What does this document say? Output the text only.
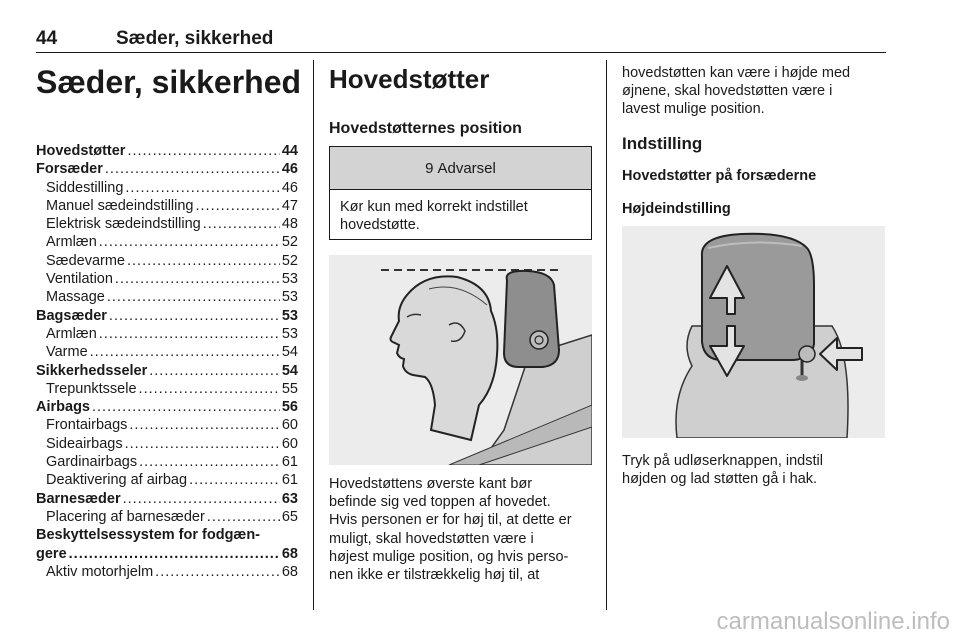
44	Sæder, sikkerhed
Sæder, sikkerhed
Hovedstøtter .....	44
Forsæder .....	46
Siddestilling .....	46
Manuel sædeindstilling .....	47
Elektrisk sædeindstilling .....	48
Armlæn .....	52
Sædevarme .....	52
Ventilation .....	53
Massage .....	53
Bagsæder .....	53
Armlæn .....	53
Varme .....	54
Sikkerhedsseler .....	54
Trepunktssele .....	55
Airbags .....	56
Frontairbags .....	60
Sideairbags .....	60
Gardinairbags .....	61
Deaktivering af airbag .....	61
Barnesæder .....	63
Placering af barnesæder .....	65
Beskyttelsessystem for fodgæn-
gere .....	68
Aktiv motorhjelm .....	68
Hovedstøtter
Hovedstøtternes position
9 Advarsel
Kør kun med korrekt indstillet hovedstøtte.
Hovedstøttens øverste kant bør
befinde sig ved toppen af hovedet.
Hvis personen er for høj til, at dette er
muligt, skal hovedstøtten være i
højest mulige position, og hvis perso-
nen ikke er tilstrækkelig høj til, at
hovedstøtten kan være i højde med
øjnene, skal hovedstøtten være i
lavest mulige position.
Indstilling
Hovedstøtter på forsæderne
Højdeindstilling
Tryk på udløserknappen, indstil
højden og lad støtten gå i hak.
carmanualsonline.info
